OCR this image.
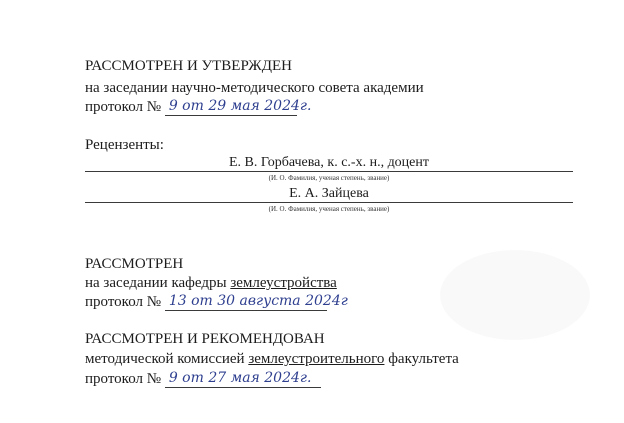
РАССМОТРЕН И УТВЕРЖДЕН
на заседании научно-методического совета академии
протокол № 9 от 29 мая 2024г.
Рецензенты:
Е. В. Горбачева, к. с.-х. н., доцент
(И. О. Фамилия, ученая степень, звание)
Е. А. Зайцева
(И. О. Фамилия, ученая степень, звание)
РАССМОТРЕН
на заседании кафедры землеустройства
протокол № 13 от 30 августа 2024г
РАССМОТРЕН И РЕКОМЕНДОВАН
методической комиссией землеустроительного факультета
протокол № 9 от 27 мая 2024г.
